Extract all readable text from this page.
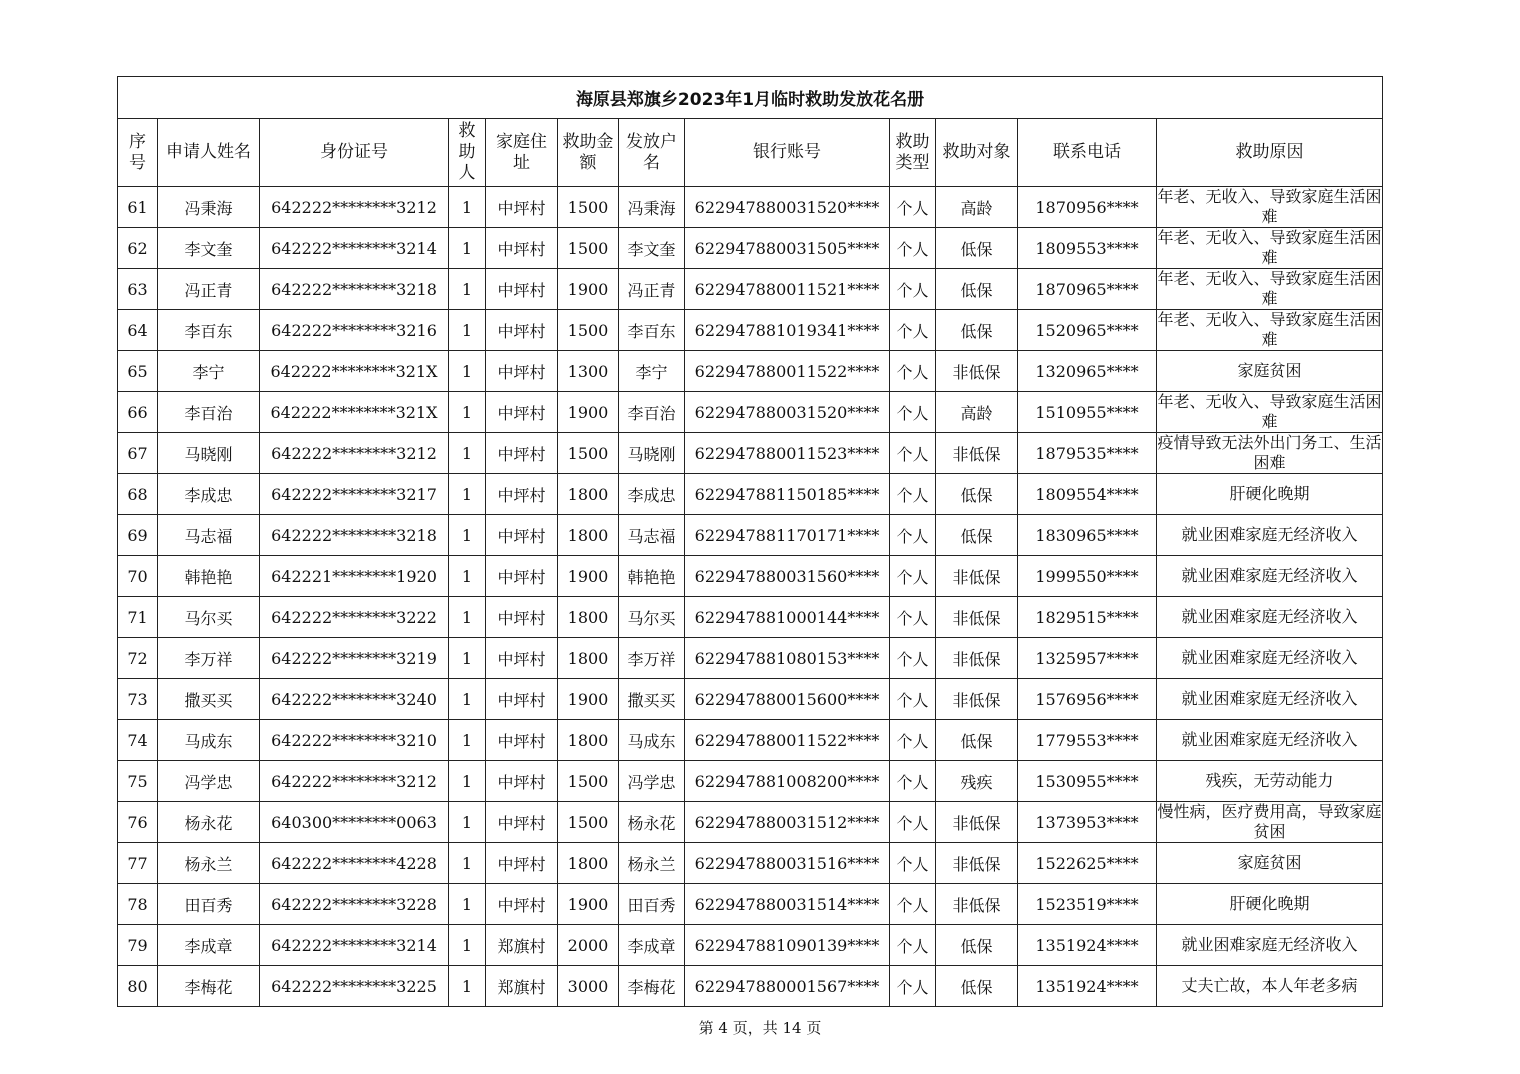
海原县郑旗乡2023年1月临时救助发放花名册											
序号	申请人姓名	身份证号	救助人	家庭住址	救助金额	发放户名	银行账号	救助类型	救助对象	联系电话	救助原因
61	冯秉海	642222********3212	1	中坪村	1500	冯秉海	622947880031520****	个人	高龄	1870956****	年老、无收入、导致家庭生活困难
62	李文奎	642222********3214	1	中坪村	1500	李文奎	622947880031505****	个人	低保	1809553****	年老、无收入、导致家庭生活困难
63	冯正青	642222********3218	1	中坪村	1900	冯正青	622947880011521****	个人	低保	1870965****	年老、无收入、导致家庭生活困难
64	李百东	642222********3216	1	中坪村	1500	李百东	622947881019341****	个人	低保	1520965****	年老、无收入、导致家庭生活困难
65	李宁	642222********321X	1	中坪村	1300	李宁	622947880011522****	个人	非低保	1320965****	家庭贫困
66	李百治	642222********321X	1	中坪村	1900	李百治	622947880031520****	个人	高龄	1510955****	年老、无收入、导致家庭生活困难
67	马晓刚	642222********3212	1	中坪村	1500	马晓刚	622947880011523****	个人	非低保	1879535****	疫情导致无法外出门务工、生活困难
68	李成忠	642222********3217	1	中坪村	1800	李成忠	622947881150185****	个人	低保	1809554****	肝硬化晚期
69	马志福	642222********3218	1	中坪村	1800	马志福	622947881170171****	个人	低保	1830965****	就业困难家庭无经济收入
70	韩艳艳	642221********1920	1	中坪村	1900	韩艳艳	622947880031560****	个人	非低保	1999550****	就业困难家庭无经济收入
71	马尔买	642222********3222	1	中坪村	1800	马尔买	622947881000144****	个人	非低保	1829515****	就业困难家庭无经济收入
72	李万祥	642222********3219	1	中坪村	1800	李万祥	622947881080153****	个人	非低保	1325957****	就业困难家庭无经济收入
73	撒买买	642222********3240	1	中坪村	1900	撒买买	622947880015600****	个人	非低保	1576956****	就业困难家庭无经济收入
74	马成东	642222********3210	1	中坪村	1800	马成东	622947880011522****	个人	低保	1779553****	就业困难家庭无经济收入
75	冯学忠	642222********3212	1	中坪村	1500	冯学忠	622947881008200****	个人	残疾	1530955****	残疾，无劳动能力
76	杨永花	640300********0063	1	中坪村	1500	杨永花	622947880031512****	个人	非低保	1373953****	慢性病，医疗费用高，导致家庭贫困
77	杨永兰	642222********4228	1	中坪村	1800	杨永兰	622947880031516****	个人	非低保	1522625****	家庭贫困
78	田百秀	642222********3228	1	中坪村	1900	田百秀	622947880031514****	个人	非低保	1523519****	肝硬化晚期
79	李成章	642222********3214	1	郑旗村	2000	李成章	622947881090139****	个人	低保	1351924****	就业困难家庭无经济收入
80	李梅花	642222********3225	1	郑旗村	3000	李梅花	622947880001567****	个人	低保	1351924****	丈夫亡故，本人年老多病
第 4 页，共 14 页
